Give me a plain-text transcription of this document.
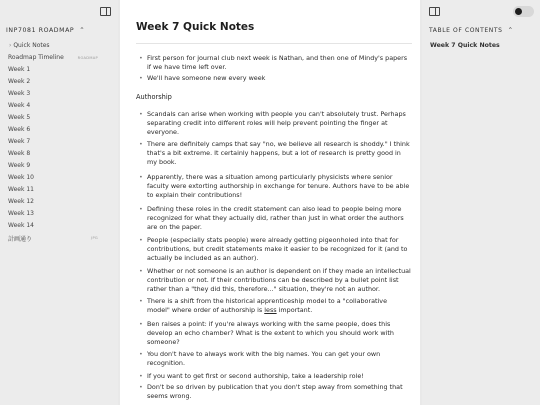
INP7081 ROADMAP ⌃

› Quick Notes
Roadmap Timeline	ROADMAP
Week 1
Week 2
Week 3
Week 4
Week 5
Week 6
Week 7
Week 8
Week 9
Week 10
Week 11
Week 12
Week 13
Week 14
計画通り	JPG
Week 7 Quick Notes
• First person for journal club next week is Nathan, and then one of Mindy's papers if we have time left over.
• We'll have someone new every week
Authorship
• Scandals can arise when working with people you can't absolutely trust. Perhaps separating credit into different roles will help prevent pointing the finger at everyone.
• There are definitely camps that say "no, we believe all research is shoddy." I think that's a bit extreme. It certainly happens, but a lot of research is pretty good in my book.
• Apparently, there was a situation among particularly physicists where senior faculty were extorting authorship in exchange for tenure. Authors have to be able to explain their contributions!
• Defining these roles in the credit statement can also lead to people being more recognized for what they actually did, rather than just in what order the authors are on the paper.
• People (especially stats people) were already getting pigeonholed into that for contributions, but credit statements make it easier to be recognized for it (and to actually be included as an author).
• Whether or not someone is an author is dependent on if they made an intellectual contribution or not. If their contributions can be described by a bullet point list rather than a "they did this, therefore..." situation, they're not an author.
• There is a shift from the historical apprenticeship model to a "collaborative model" where order of authorship is less important.
• Ben raises a point: if you're always working with the same people, does this develop an echo chamber? What is the extent to which you should work with someone?
• You don't have to always work with the big names. You can get your own recognition.
• If you want to get first or second authorship, take a leadership role!
• Don't be so driven by publication that you don't step away from something that seems wrong.
TABLE OF CONTENTS ⌃
Week 7 Quick Notes
